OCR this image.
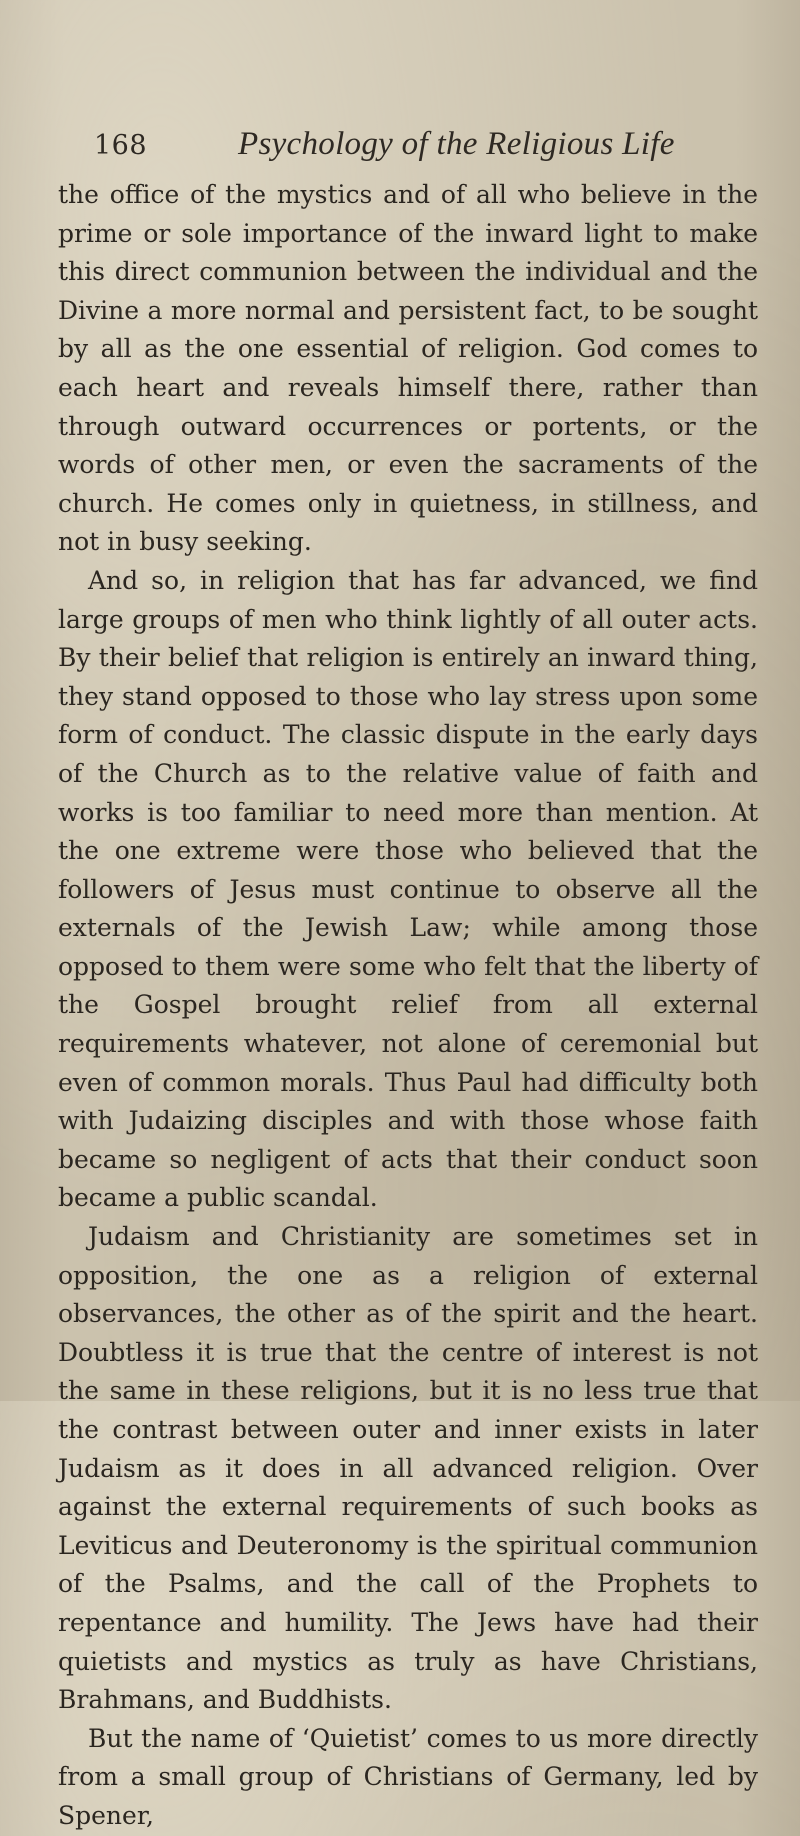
168	Psychology of the Religious Life

the office of the mystics and of all who believe in the prime or sole importance of the inward light to make this direct communion between the individual and the Divine a more normal and persistent fact, to be sought by all as the one essential of religion. God comes to each heart and reveals himself there, rather than through outward occurrences or portents, or the words of other men, or even the sacraments of the church. He comes only in quietness, in stillness, and not in busy seeking.

And so, in religion that has far advanced, we find large groups of men who think lightly of all outer acts. By their belief that religion is entirely an inward thing, they stand opposed to those who lay stress upon some form of conduct. The classic dispute in the early days of the Church as to the relative value of faith and works is too familiar to need more than mention. At the one extreme were those who believed that the followers of Jesus must continue to observe all the externals of the Jewish Law; while among those opposed to them were some who felt that the liberty of the Gospel brought relief from all external requirements whatever, not alone of ceremonial but even of common morals. Thus Paul had difficulty both with Judaizing disciples and with those whose faith became so negligent of acts that their conduct soon became a public scandal.

Judaism and Christianity are sometimes set in opposition, the one as a religion of external observances, the other as of the spirit and the heart. Doubtless it is true that the centre of interest is not the same in these religions, but it is no less true that the contrast between outer and inner exists in later Judaism as it does in all advanced religion. Over against the external requirements of such books as Leviticus and Deuteronomy is the spiritual communion of the Psalms, and the call of the Prophets to repentance and humility. The Jews have had their quietists and mystics as truly as have Christians, Brahmans, and Buddhists.

But the name of ‘Quietist’ comes to us more directly from a small group of Christians of Germany, led by Spener,
